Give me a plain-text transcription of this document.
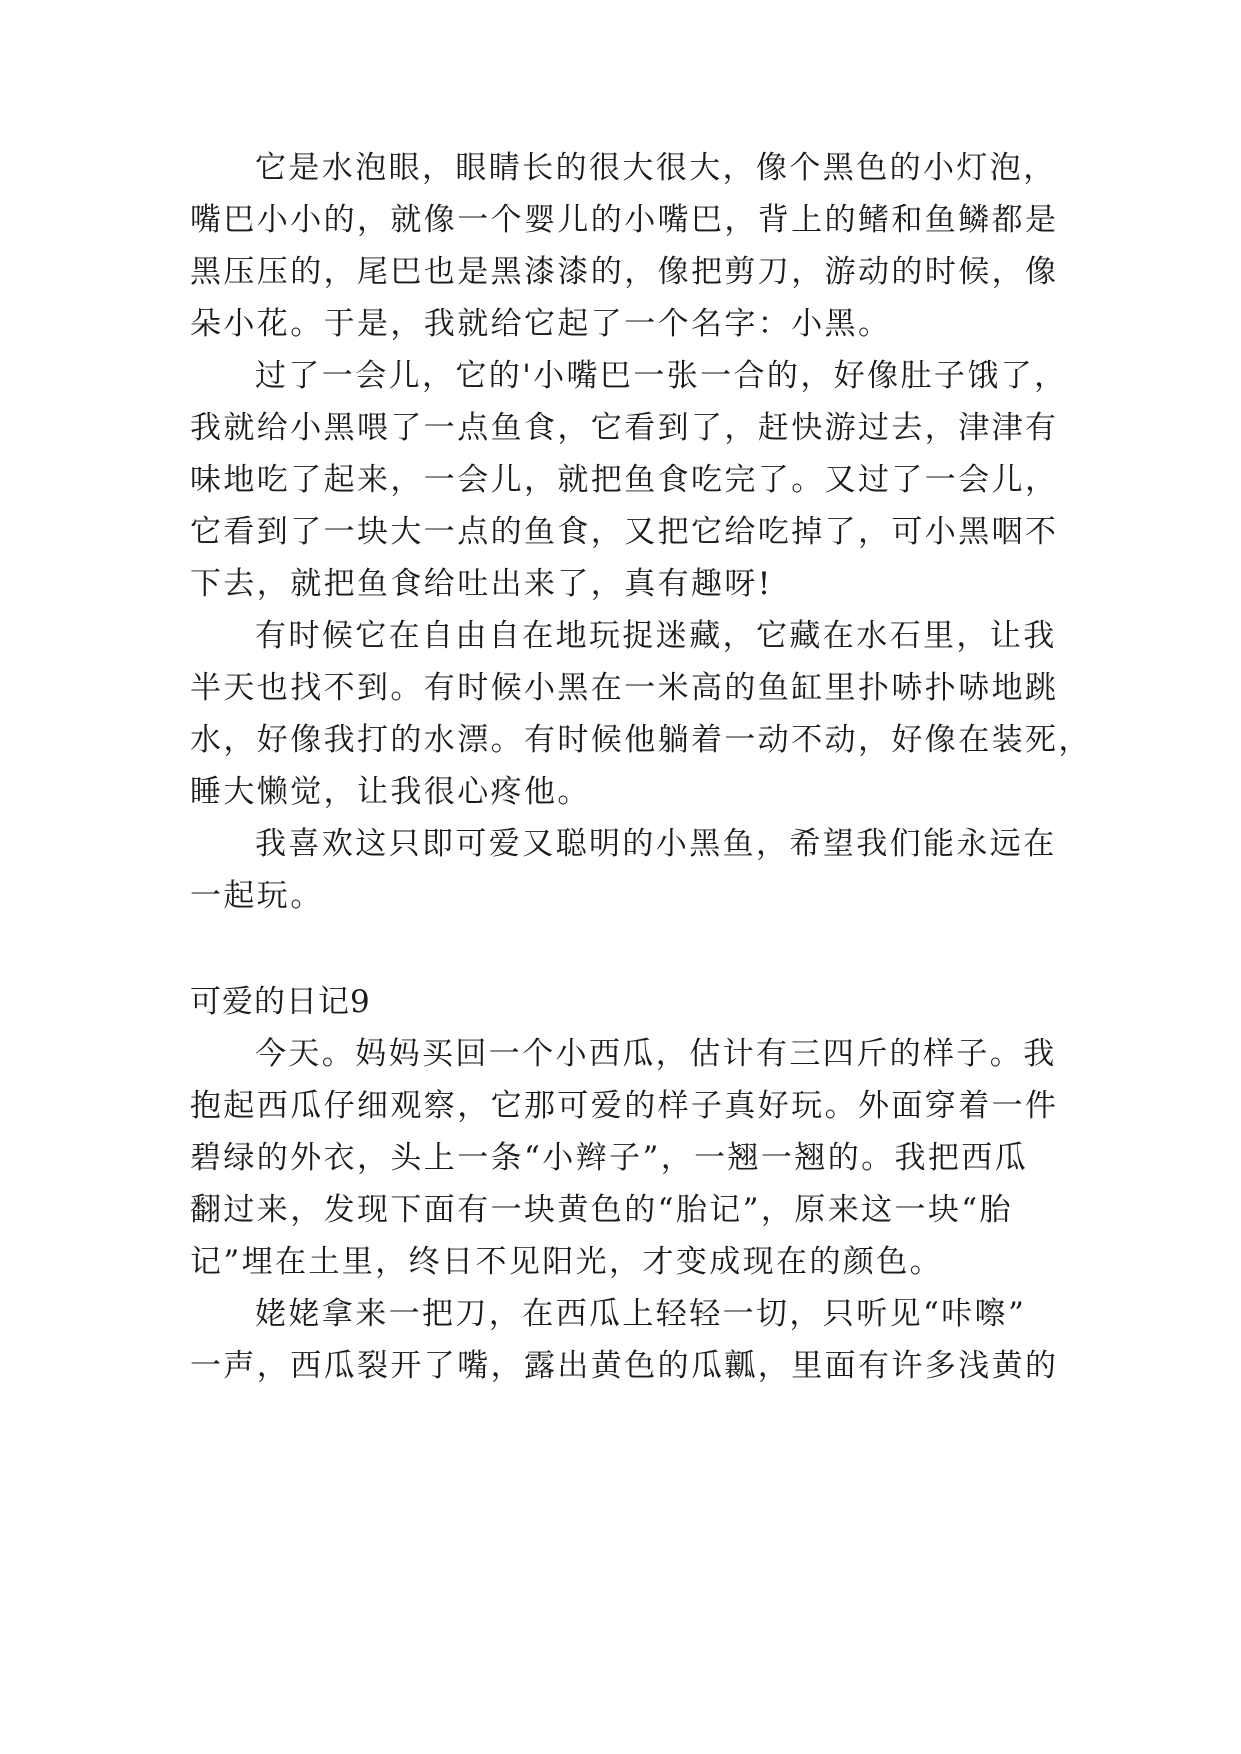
它是水泡眼，眼睛长的很大很大，像个黑色的小灯泡，
嘴巴小小的，就像一个婴儿的小嘴巴，背上的鳍和鱼鳞都是
黑压压的，尾巴也是黑漆漆的，像把剪刀，游动的时候，像
朵小花。于是，我就给它起了一个名字：小黑。
过了一会儿，它的'小嘴巴一张一合的，好像肚子饿了，
我就给小黑喂了一点鱼食，它看到了，赶快游过去，津津有
味地吃了起来，一会儿，就把鱼食吃完了。又过了一会儿，
它看到了一块大一点的鱼食，又把它给吃掉了，可小黑咽不
下去，就把鱼食给吐出来了，真有趣呀!
有时候它在自由自在地玩捉迷藏，它藏在水石里，让我
半天也找不到。有时候小黑在一米高的鱼缸里扑哧扑哧地跳
水，好像我打的水漂。有时候他躺着一动不动，好像在装死，
睡大懒觉，让我很心疼他。
我喜欢这只即可爱又聪明的小黑鱼，希望我们能永远在
一起玩。
可爱的日记9
今天。妈妈买回一个小西瓜，估计有三四斤的样子。我
抱起西瓜仔细观察，它那可爱的样子真好玩。外面穿着一件
碧绿的外衣，头上一条“小辫子”，一翘一翘的。我把西瓜
翻过来，发现下面有一块黄色的“胎记”，原来这一块“胎
记”埋在土里，终日不见阳光，才变成现在的颜色。
姥姥拿来一把刀，在西瓜上轻轻一切，只听见“咔嚓”
一声，西瓜裂开了嘴，露出黄色的瓜瓤，里面有许多浅黄的
